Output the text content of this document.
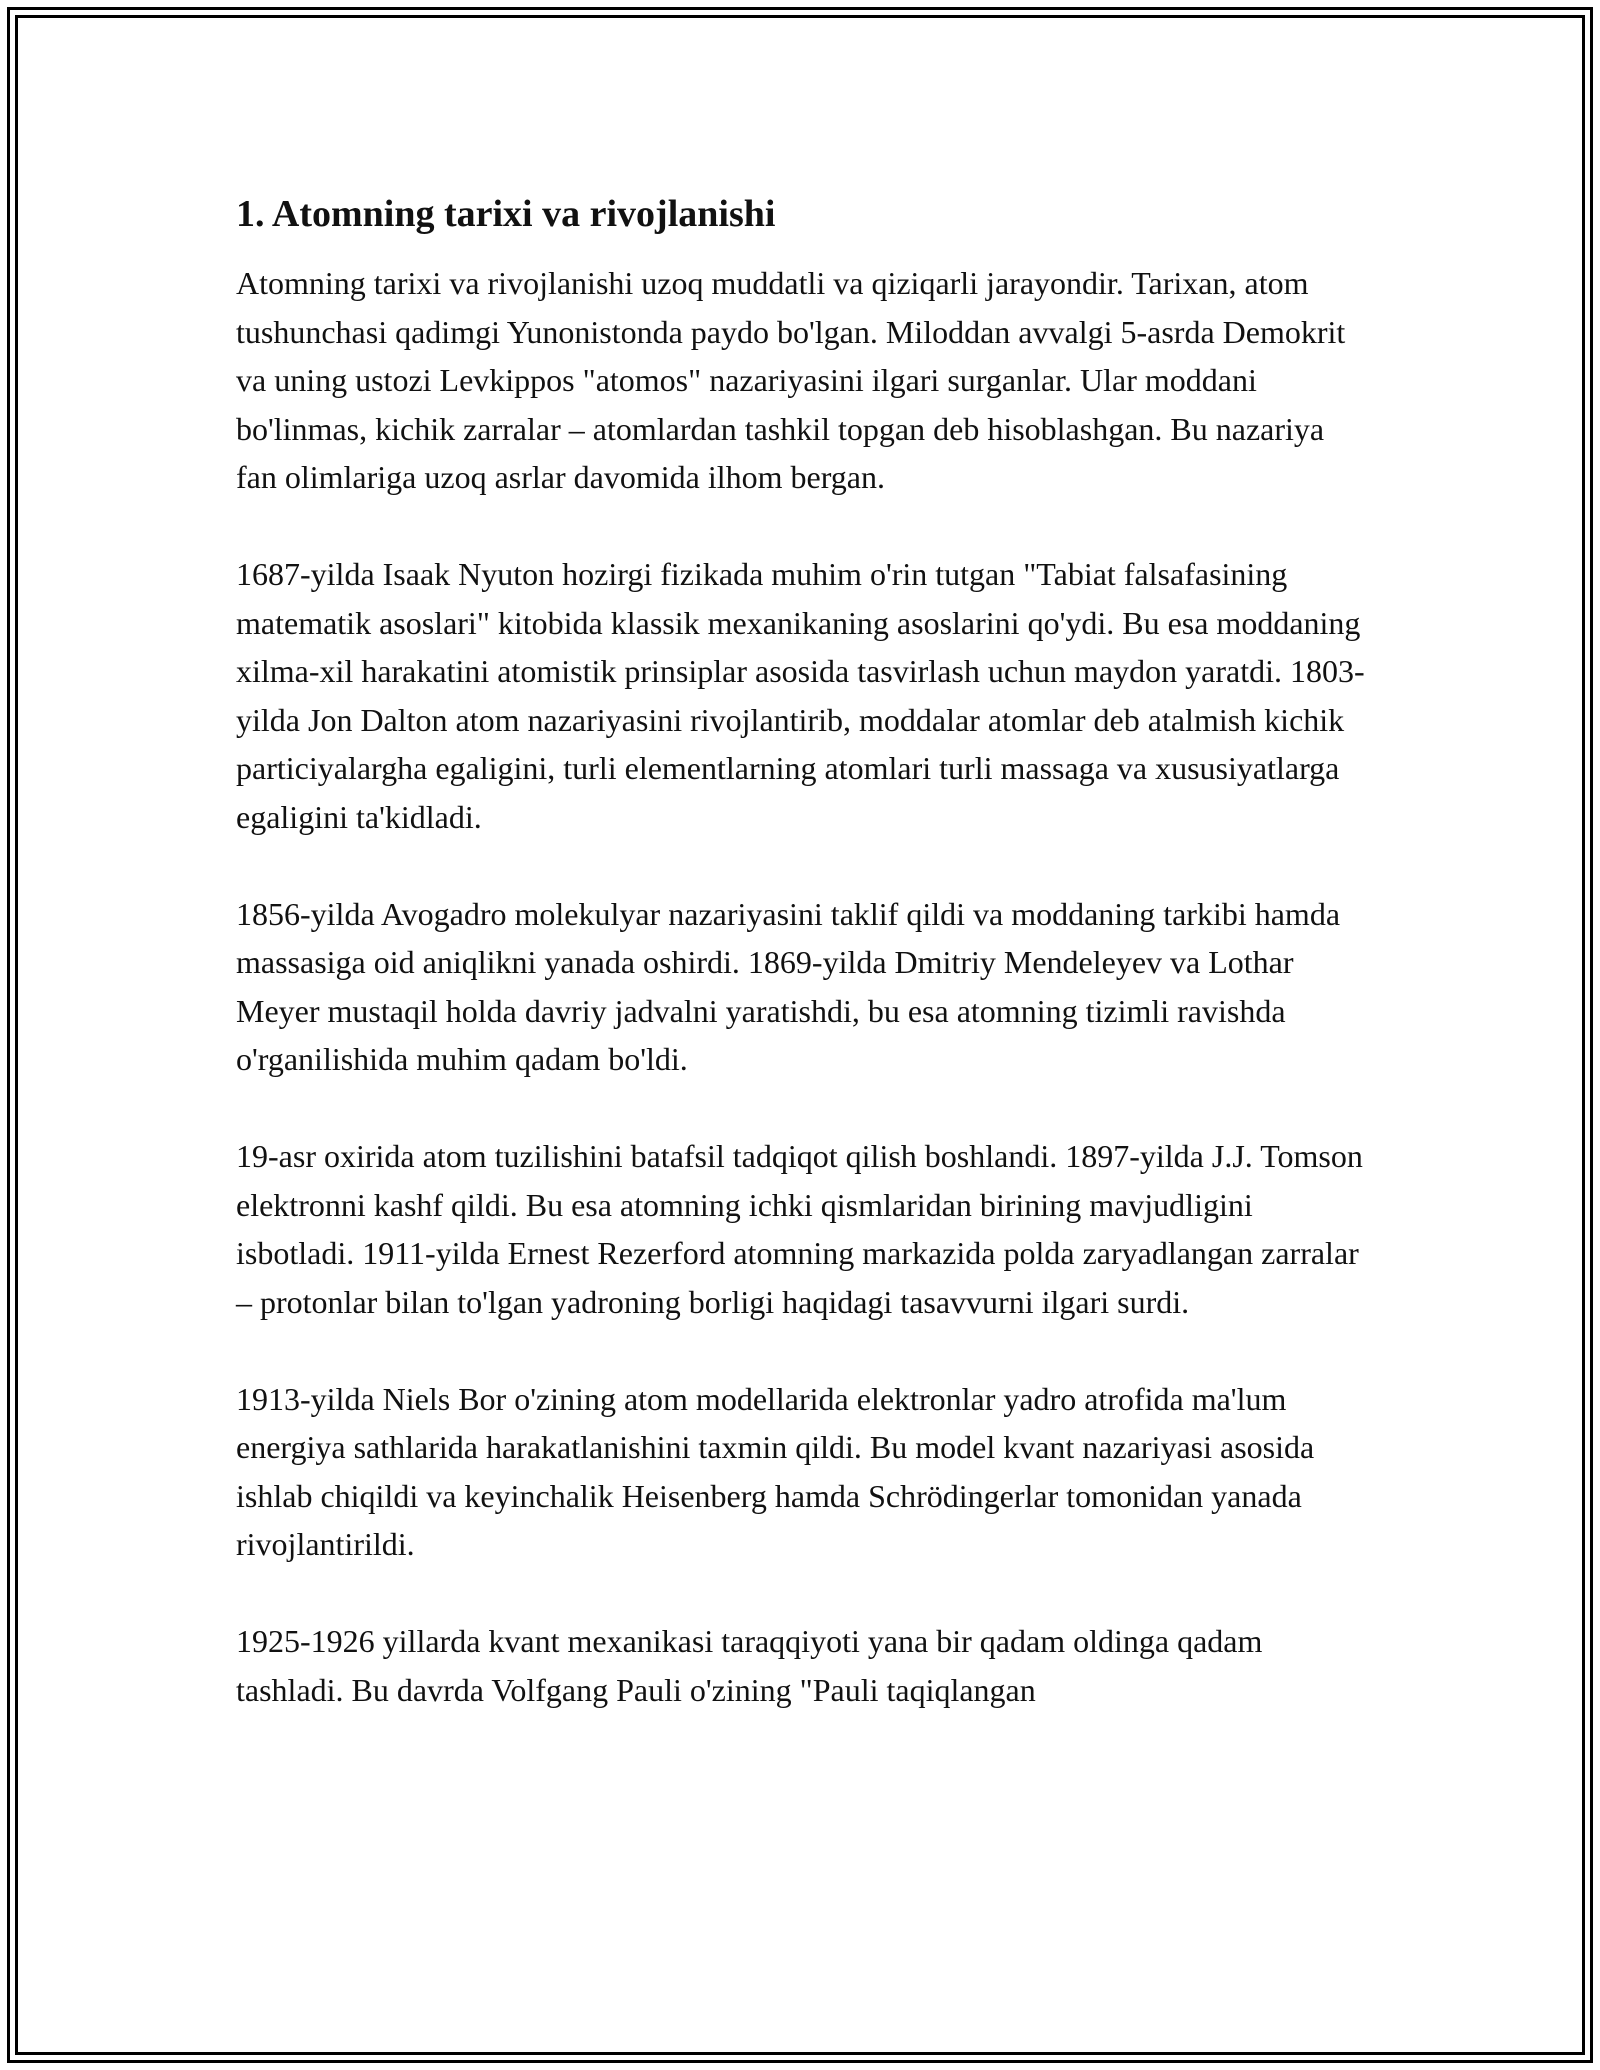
1. Atomning tarixi va rivojlanishi

Atomning tarixi va rivojlanishi uzoq muddatli va qiziqarli jarayondir. Tarixan, atom tushunchasi qadimgi Yunonistonda paydo bo'lgan. Miloddan avvalgi 5-asrda Demokrit va uning ustozi Levkippos "atomos" nazariyasini ilgari surganlar. Ular moddani bo'linmas, kichik zarralar – atomlardan tashkil topgan deb hisoblashgan. Bu nazariya fan olimlariga uzoq asrlar davomida ilhom bergan.

1687-yilda Isaak Nyuton hozirgi fizikada muhim o'rin tutgan "Tabiat falsafasining matematik asoslari" kitobida klassik mexanikaning asoslarini qo'ydi. Bu esa moddaning xilma-xil harakatini atomistik prinsiplar asosida tasvirlash uchun maydon yaratdi. 1803-yilda Jon Dalton atom nazariyasini rivojlantirib, moddalar atomlar deb atalmish kichik particiyalargha egaligini, turli elementlarning atomlari turli massaga va xususiyatlarga egaligini ta'kidladi.

1856-yilda Avogadro molekulyar nazariyasini taklif qildi va moddaning tarkibi hamda massasiga oid aniqlikni yanada oshirdi. 1869-yilda Dmitriy Mendeleyev va Lothar Meyer mustaqil holda davriy jadvalni yaratishdi, bu esa atomning tizimli ravishda o'rganilishida muhim qadam bo'ldi.

19-asr oxirida atom tuzilishini batafsil tadqiqot qilish boshlandi. 1897-yilda J.J. Tomson elektronni kashf qildi. Bu esa atomning ichki qismlaridan birining mavjudligini isbotladi. 1911-yilda Ernest Rezerford atomning markazida polda zaryadlangan zarralar – protonlar bilan to'lgan yadroning borligi haqidagi tasavvurni ilgari surdi.

1913-yilda Niels Bor o'zining atom modellarida elektronlar yadro atrofida ma'lum energiya sathlarida harakatlanishini taxmin qildi. Bu model kvant nazariyasi asosida ishlab chiqildi va keyinchalik Heisenberg hamda Schrödingerlar tomonidan yanada rivojlantirildi.

1925-1926 yillarda kvant mexanikasi taraqqiyoti yana bir qadam oldinga qadam tashladi. Bu davrda Volfgang Pauli o'zining "Pauli taqiqlangan
